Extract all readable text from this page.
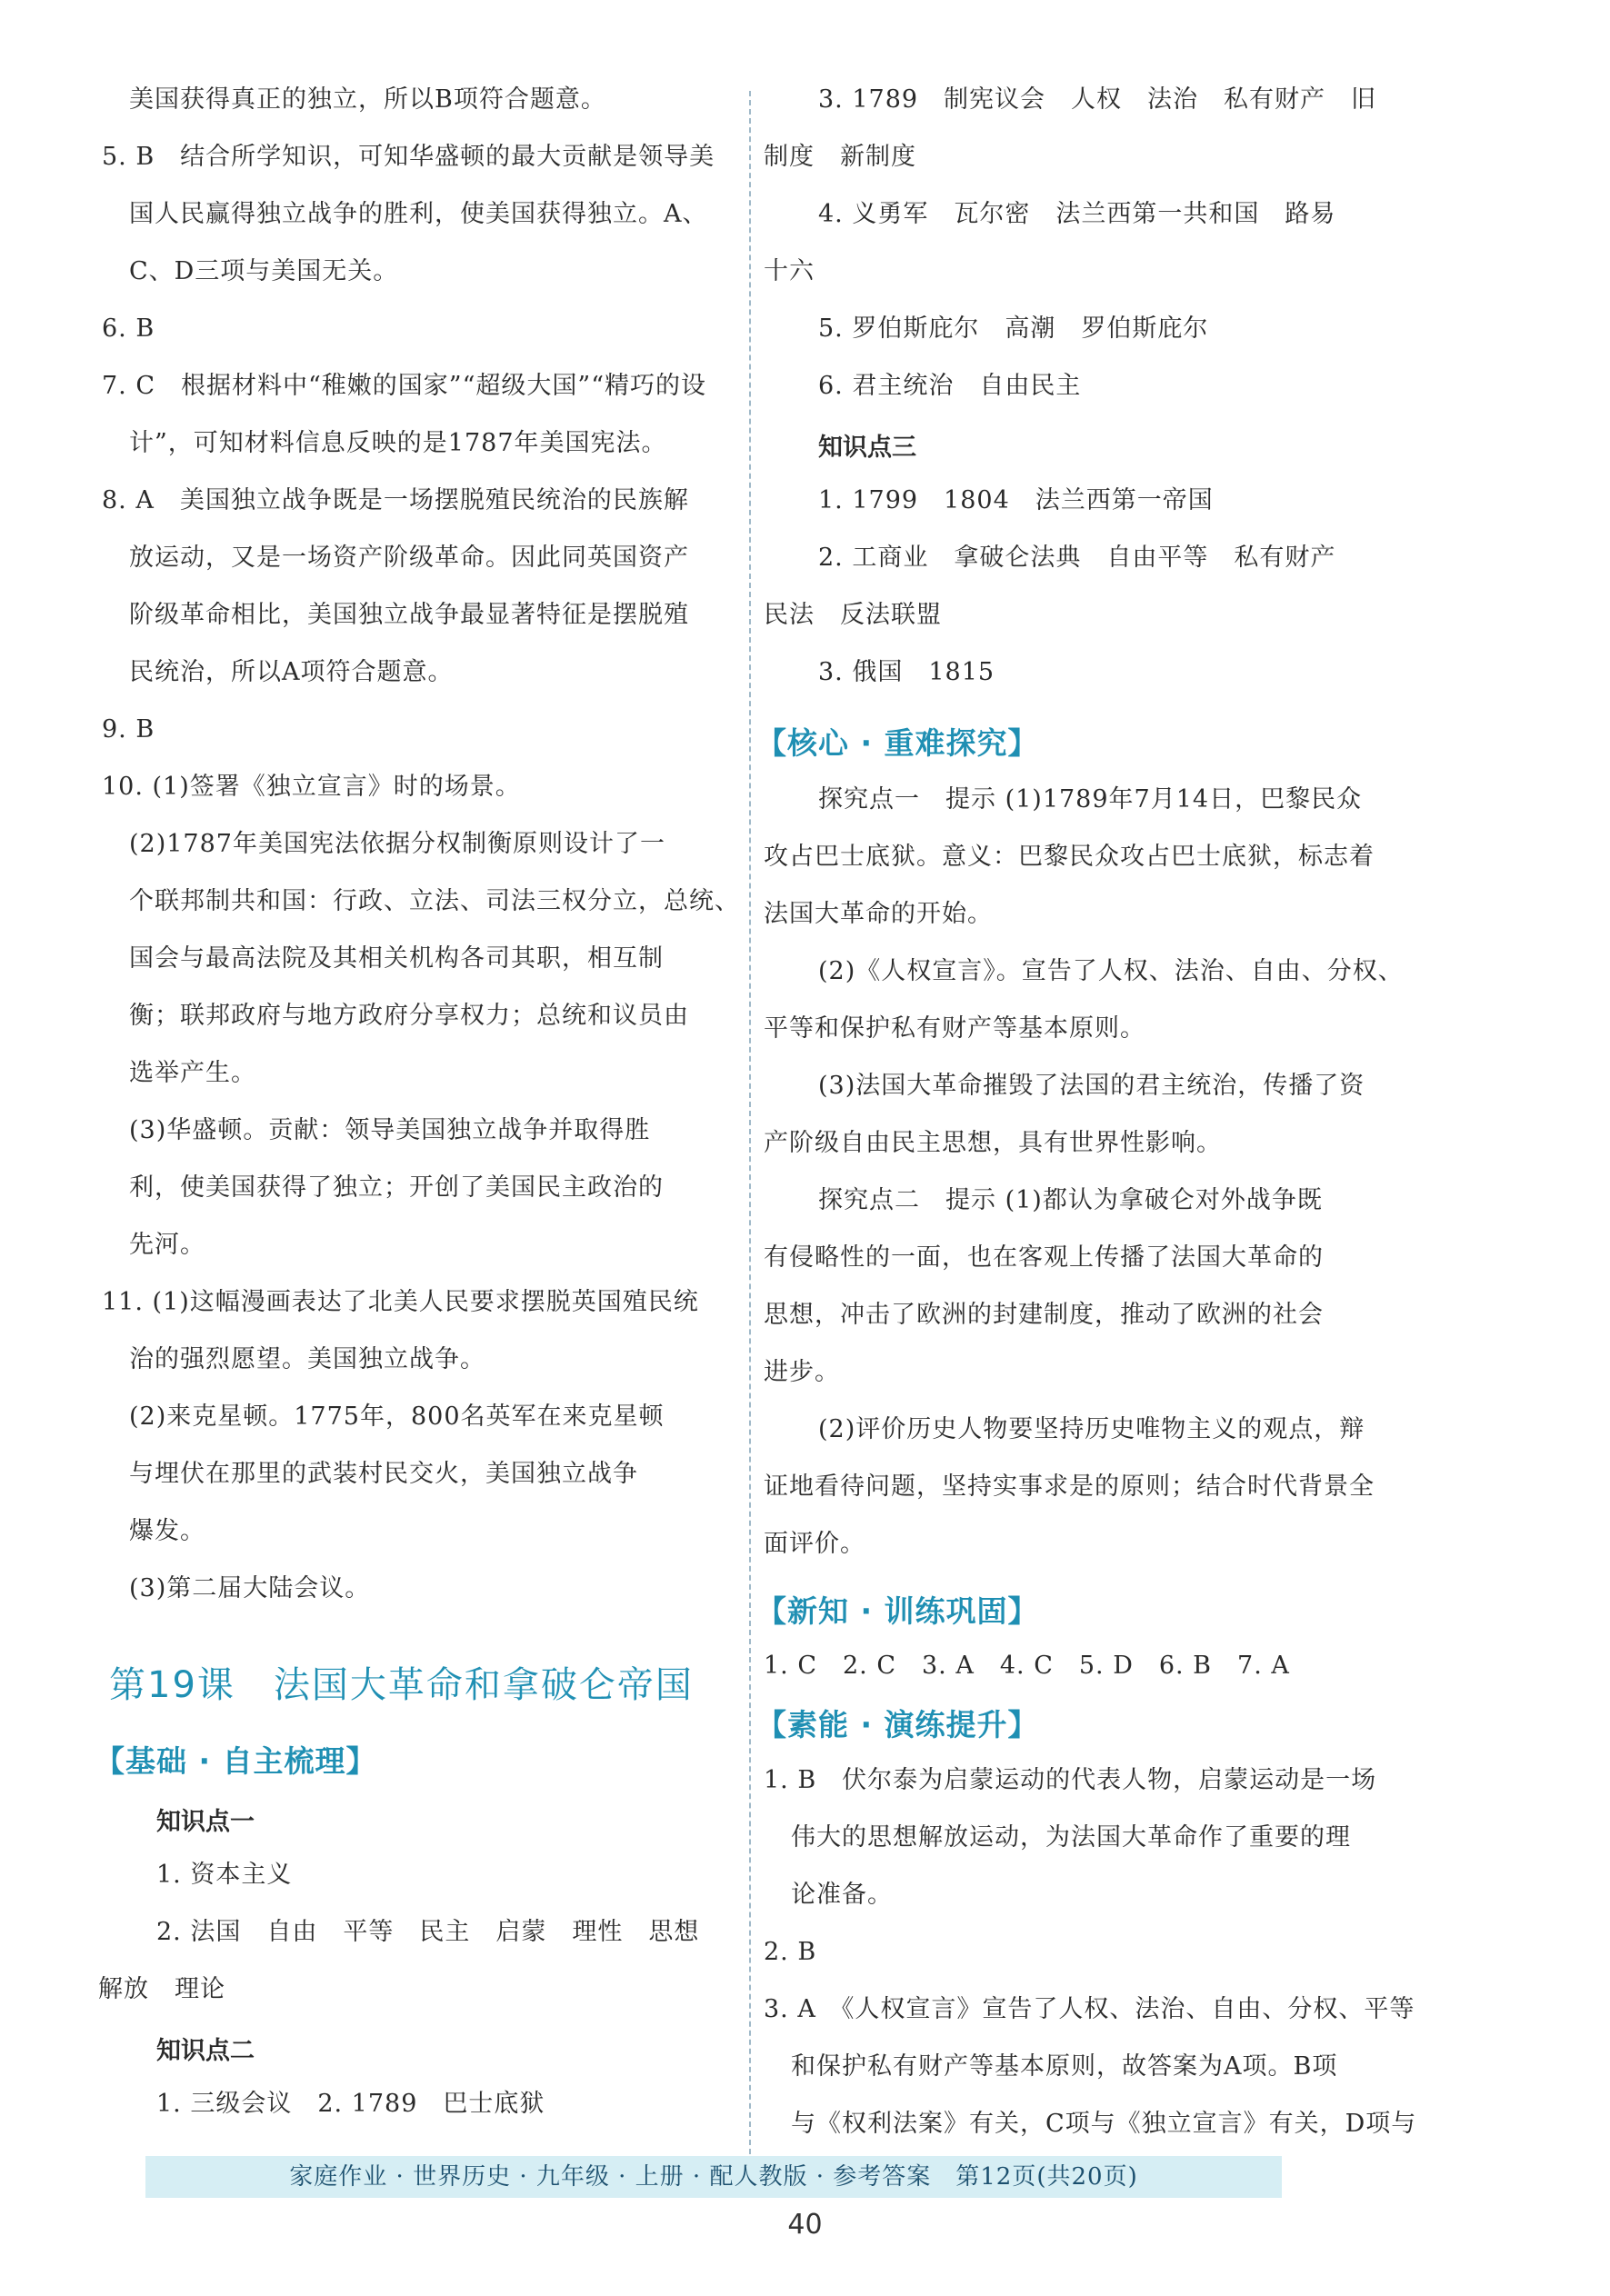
美国获得真正的独立，所以B项符合题意。
5. B　结合所学知识，可知华盛顿的最大贡献是领导美
国人民赢得独立战争的胜利，使美国获得独立。A、
C、D三项与美国无关。
6. B
7. C　根据材料中“稚嫩的国家”“超级大国”“精巧的设
计”，可知材料信息反映的是1787年美国宪法。
8. A　美国独立战争既是一场摆脱殖民统治的民族解
放运动，又是一场资产阶级革命。因此同英国资产
阶级革命相比，美国独立战争最显著特征是摆脱殖
民统治，所以A项符合题意。
9. B
10. (1)签署《独立宣言》时的场景。
(2)1787年美国宪法依据分权制衡原则设计了一
个联邦制共和国：行政、立法、司法三权分立，总统、
国会与最高法院及其相关机构各司其职，相互制
衡；联邦政府与地方政府分享权力；总统和议员由
选举产生。
(3)华盛顿。贡献：领导美国独立战争并取得胜
利，使美国获得了独立；开创了美国民主政治的
先河。
11. (1)这幅漫画表达了北美人民要求摆脱英国殖民统
治的强烈愿望。美国独立战争。
(2)来克星顿。1775年，800名英军在来克星顿
与埋伏在那里的武装村民交火，美国独立战争
爆发。
(3)第二届大陆会议。
第19课　法国大革命和拿破仑帝国
【基础 · 自主梳理】
知识点一
1. 资本主义
2. 法国　自由　平等　民主　启蒙　理性　思想
解放　理论
知识点二
1. 三级会议　2. 1789　巴士底狱
3. 1789　制宪议会　人权　法治　私有财产　旧
制度　新制度
4. 义勇军　瓦尔密　法兰西第一共和国　路易
十六
5. 罗伯斯庇尔　高潮　罗伯斯庇尔
6. 君主统治　自由民主
知识点三
1. 1799　1804　法兰西第一帝国
2. 工商业　拿破仑法典　自由平等　私有财产
民法　反法联盟
3. 俄国　1815
【核心 · 重难探究】
探究点一　提示 (1)1789年7月14日，巴黎民众
攻占巴士底狱。意义：巴黎民众攻占巴士底狱，标志着
法国大革命的开始。
(2)《人权宣言》。宣告了人权、法治、自由、分权、
平等和保护私有财产等基本原则。
(3)法国大革命摧毁了法国的君主统治，传播了资
产阶级自由民主思想，具有世界性影响。
探究点二　提示 (1)都认为拿破仑对外战争既
有侵略性的一面，也在客观上传播了法国大革命的
思想，冲击了欧洲的封建制度，推动了欧洲的社会
进步。
(2)评价历史人物要坚持历史唯物主义的观点，辩
证地看待问题，坚持实事求是的原则；结合时代背景全
面评价。
【新知 · 训练巩固】
1. C　2. C　3. A　4. C　5. D　6. B　7. A
【素能 · 演练提升】
1. B　伏尔泰为启蒙运动的代表人物，启蒙运动是一场
伟大的思想解放运动，为法国大革命作了重要的理
论准备。
2. B
3. A　《人权宣言》宣告了人权、法治、自由、分权、平等
和保护私有财产等基本原则，故答案为A项。B项
与《权利法案》有关，C项与《独立宣言》有关，D项与
家庭作业 · 世界历史 · 九年级 · 上册 · 配人教版 · 参考答案　第12页(共20页)
40
